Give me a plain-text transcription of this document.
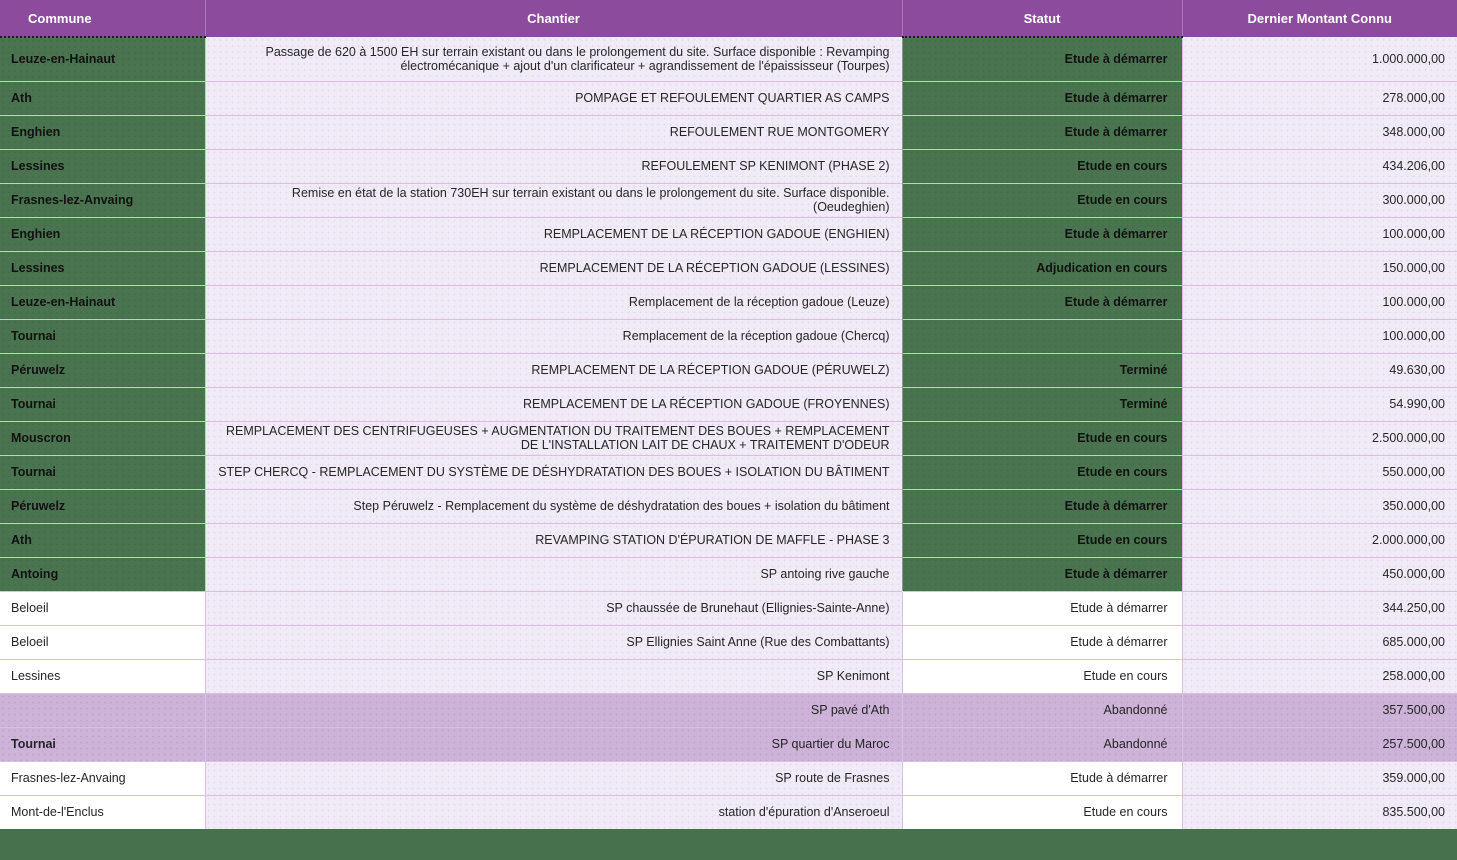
Commune	Chantier	Statut	Dernier Montant Connu
Leuze-en-Hainaut	Passage de 620 à 1500 EH sur terrain existant ou dans le prolongement du site. Surface disponible : Revamping électromécanique + ajout d'un clarificateur + agrandissement de l'épaississeur (Tourpes)	Etude à démarrer	1.000.000,00
Ath	POMPAGE ET REFOULEMENT QUARTIER AS CAMPS	Etude à démarrer	278.000,00
Enghien	REFOULEMENT RUE MONTGOMERY	Etude à démarrer	348.000,00
Lessines	REFOULEMENT SP KENIMONT (PHASE 2)	Etude en cours	434.206,00
Frasnes-lez-Anvaing	Remise en état de la station 730EH sur terrain existant ou dans le prolongement du site. Surface disponible. (Oeudeghien)	Etude en cours	300.000,00
Enghien	REMPLACEMENT DE LA RÉCEPTION GADOUE (ENGHIEN)	Etude à démarrer	100.000,00
Lessines	REMPLACEMENT DE LA RÉCEPTION GADOUE (LESSINES)	Adjudication en cours	150.000,00
Leuze-en-Hainaut	Remplacement de la réception gadoue (Leuze)	Etude à démarrer	100.000,00
Tournai	Remplacement de la réception gadoue (Chercq)		100.000,00
Péruwelz	REMPLACEMENT DE LA RÉCEPTION GADOUE (PÉRUWELZ)	Terminé	49.630,00
Tournai	REMPLACEMENT DE LA RÉCEPTION GADOUE (FROYENNES)	Terminé	54.990,00
Mouscron	REMPLACEMENT DES CENTRIFUGEUSES + AUGMENTATION DU TRAITEMENT DES BOUES + REMPLACEMENT DE L'INSTALLATION LAIT DE CHAUX + TRAITEMENT D'ODEUR	Etude en cours	2.500.000,00
Tournai	STEP CHERCQ - REMPLACEMENT DU SYSTÈME DE DÉSHYDRATATION DES BOUES + ISOLATION DU BÂTIMENT	Etude en cours	550.000,00
Péruwelz	Step Péruwelz - Remplacement du système de déshydratation des boues + isolation du bâtiment	Etude à démarrer	350.000,00
Ath	REVAMPING STATION D'ÉPURATION DE MAFFLE - PHASE 3	Etude en cours	2.000.000,00
Antoing	SP antoing rive gauche	Etude à démarrer	450.000,00
Beloeil	SP chaussée de Brunehaut (Ellignies-Sainte-Anne)	Etude à démarrer	344.250,00
Beloeil	SP Ellignies Saint Anne (Rue des Combattants)	Etude à démarrer	685.000,00
Lessines	SP Kenimont	Etude en cours	258.000,00
	SP pavé d'Ath	Abandonné	357.500,00
Tournai	SP quartier du Maroc	Abandonné	257.500,00
Frasnes-lez-Anvaing	SP route de Frasnes	Etude à démarrer	359.000,00
Mont-de-l'Enclus	station d'épuration d'Anseroeul	Etude en cours	835.500,00
